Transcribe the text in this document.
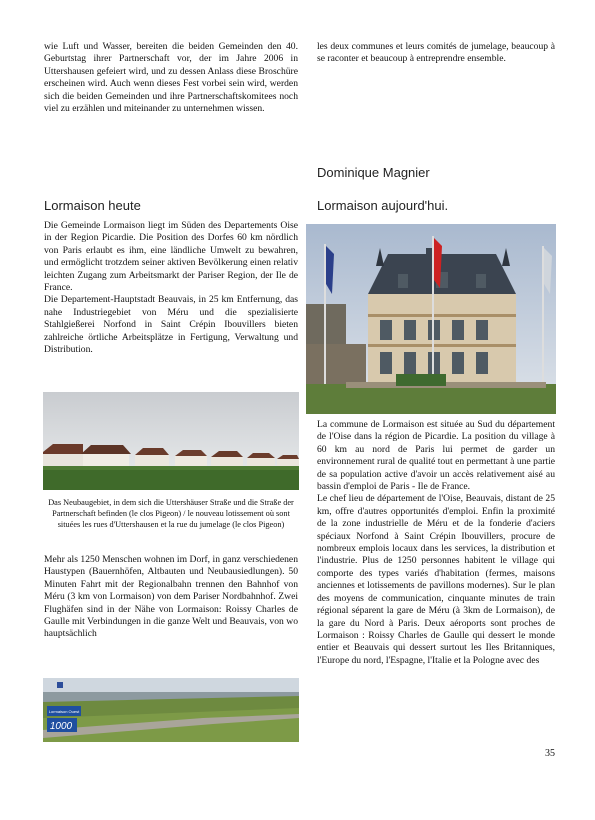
wie Luft und Wasser, bereiten die beiden Gemeinden den 40. Geburtstag ihrer Partnerschaft vor, der im Jahre 2006 in Uttershausen gefeiert wird, und zu dessen Anlass diese Broschüre erscheinen wird. Auch wenn dieses Fest vorbei sein wird, werden sich die beiden Gemeinden und ihre Partnerschaftskomitees noch viel zu erzählen und miteinander zu unternehmen wissen.

Lormaison heute

Die Gemeinde Lormaison liegt im Süden des Departements Oise in der Region Picardie. Die Position des Dorfes 60 km nördlich von Paris erlaubt es ihm, eine ländliche Umwelt zu bewahren, und ermöglicht trotzdem seiner aktiven Bevölkerung einen relativ leichten Zugang zum Arbeitsmarkt der Pariser Region, der Ile de France.

Die Departement-Hauptstadt Beauvais, in 25 km Entfernung, das nahe Industriegebiet von Méru und die spezialisierte Stahlgießerei Norfond in Saint Crépin Ibouvillers bieten zahlreiche örtliche Arbeitsplätze in Fertigung, Verwaltung und Distribution.

Das Neubaugebiet, in dem sich die Uttershäuser Straße und die Straße der Partnerschaft befinden (le clos Pigeon) / le nouveau lotissement où sont situées les rues d'Uttershausen et la rue du jumelage (le clos Pigeon)

Mehr als 1250 Menschen wohnen im Dorf, in ganz verschiedenen Haustypen (Bauernhöfen, Altbauten und Neubausiedlungen). 50 Minuten Fahrt mit der Regionalbahn trennen den Bahnhof von Méru (3 km von Lormaison) von dem Pariser Nordbahnhof. Zwei Flughäfen sind in der Nähe von Lormaison: Roissy Charles de Gaulle mit Verbindungen in die ganze Welt und Beauvais, von wo hauptsächlich

Lormaison Ouest
1000

les deux communes et leurs comités de jumelage, beaucoup à se raconter et beaucoup à entreprendre ensemble.

Dominique Magnier
Lormaison aujourd'hui.

La commune de Lormaison est située au Sud du département de l'Oise dans la région de Picardie. La position du village à 60 km au nord de Paris lui permet de garder un environnement rural de qualité tout en permettant à une partie de sa population active d'avoir un accès relativement aisé au bassin d'emploi de Paris - Ile de France.

Le chef lieu de département de l'Oise, Beauvais, distant de 25 km, offre d'autres opportunités d'emploi. Enfin la proximité de la zone industrielle de Méru et de la fonderie d'aciers spéciaux Norfond à Saint Crépin Ibouvillers, procure de nombreux emplois locaux dans les services, la distribution et l'industrie. Plus de 1250 personnes habitent le village qui comporte des types variés d'habitation (fermes, maisons anciennes et lotissements de pavillons modernes). Sur le plan des moyens de communication, cinquante minutes de train régional séparent la gare de Méru (à 3km de Lormaison), de la gare du Nord à Paris. Deux aéroports sont proches de Lormaison : Roissy Charles de Gaulle qui dessert le monde entier et Beauvais qui dessert surtout les Iles Britanniques, l'Europe du nord, l'Espagne, l'Italie et la Pologne avec des

35
